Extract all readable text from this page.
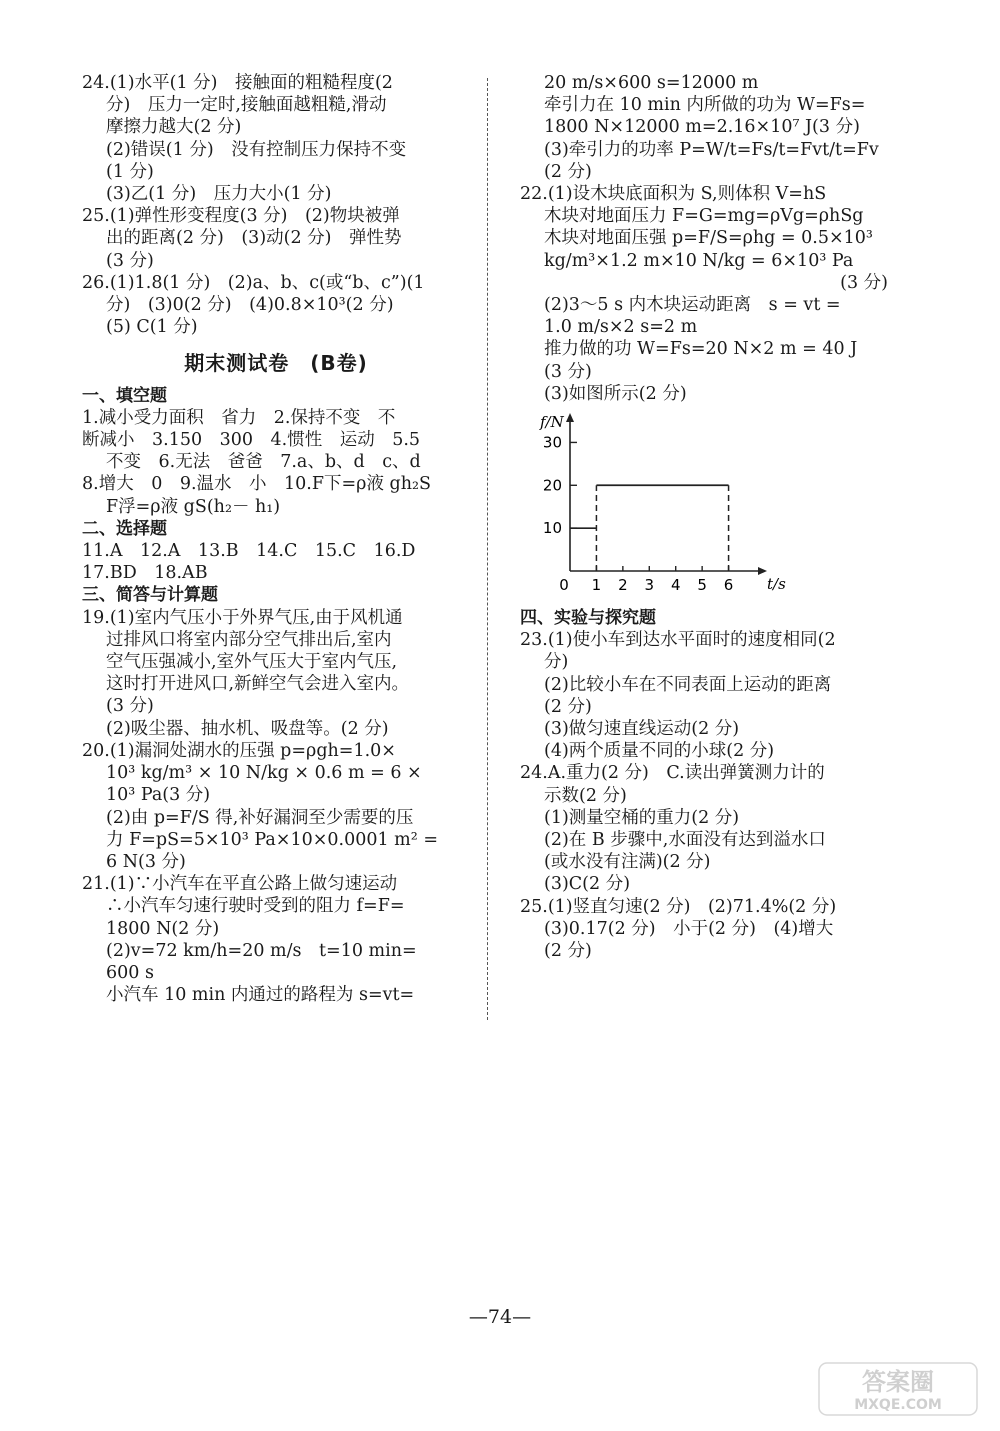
24.(1)水平(1 分)　接触面的粗糙程度(2
分)　压力一定时,接触面越粗糙,滑动
摩擦力越大(2 分)
(2)错误(1 分)　没有控制压力保持不变
(1 分)
(3)乙(1 分)　压力大小(1 分)
25.(1)弹性形变程度(3 分)　(2)物块被弹
出的距离(2 分)　(3)动(2 分)　弹性势
(3 分)
26.(1)1.8(1 分)　(2)a、b、c(或“b、c”)(1
分)　(3)0(2 分)　(4)0.8×10³(2 分)
(5) C(1 分)
期末测试卷　(B卷)
一、填空题
1.减小受力面积　省力　2.保持不变　不
断减小　3.150　300　4.惯性　运动　5.5
不变　6.无法　爸爸　7.a、b、d　c、d
8.增大　0　9.温水　小　10.F下=ρ液 gh₂S
F浮=ρ液 gS(h₂－ h₁)
二、选择题
11.A　12.A　13.B　14.C　15.C　16.D
17.BD　18.AB
三、简答与计算题
19.(1)室内气压小于外界气压,由于风机通
过排风口将室内部分空气排出后,室内
空气压强减小,室外气压大于室内气压,
这时打开进风口,新鲜空气会进入室内。
(3 分)
(2)吸尘器、抽水机、吸盘等。(2 分)
20.(1)漏洞处湖水的压强 p=ρgh=1.0×
10³ kg/m³ × 10 N/kg × 0.6 m = 6 ×
10³ Pa(3 分)
(2)由 p=F/S 得,补好漏洞至少需要的压
力 F=pS=5×10³ Pa×10×0.0001 m² =
6 N(3 分)
21.(1)∵小汽车在平直公路上做匀速运动
∴小汽车匀速行驶时受到的阻力 f=F=
1800 N(2 分)
(2)v=72 km/h=20 m/s　t=10 min=
600 s
小汽车 10 min 内通过的路程为 s=vt=
20 m/s×600 s=12000 m
牵引力在 10 min 内所做的功为 W=Fs=
1800 N×12000 m=2.16×10⁷ J(3 分)
(3)牵引力的功率 P=W/t=Fs/t=Fvt/t=Fv
(2 分)
22.(1)设木块底面积为 S,则体积 V=hS
木块对地面压力 F=G=mg=ρVg=ρhSg
木块对地面压强 p=F/S=ρhg = 0.5×10³
kg/m³×1.2 m×10 N/kg = 6×10³ Pa
(3 分)
(2)3～5 s 内木块运动距离　s = vt =
1.0 m/s×2 s=2 m
推力做的功 W=Fs=20 N×2 m = 40 J
(3 分)
(3)如图所示(2 分)
f/N
t/s
10
20
30
0 1 2 3 4 5 6
四、实验与探究题
23.(1)使小车到达水平面时的速度相同(2
分)
(2)比较小车在不同表面上运动的距离
(2 分)
(3)做匀速直线运动(2 分)
(4)两个质量不同的小球(2 分)
24.A.重力(2 分)　C.读出弹簧测力计的
示数(2 分)
(1)测量空桶的重力(2 分)
(2)在 B 步骤中,水面没有达到溢水口
(或水没有注满)(2 分)
(3)C(2 分)
25.(1)竖直匀速(2 分)　(2)71.4%(2 分)
(3)0.17(2 分)　小于(2 分)　(4)增大
(2 分)
—74—
答案圈
MXQE.COM
